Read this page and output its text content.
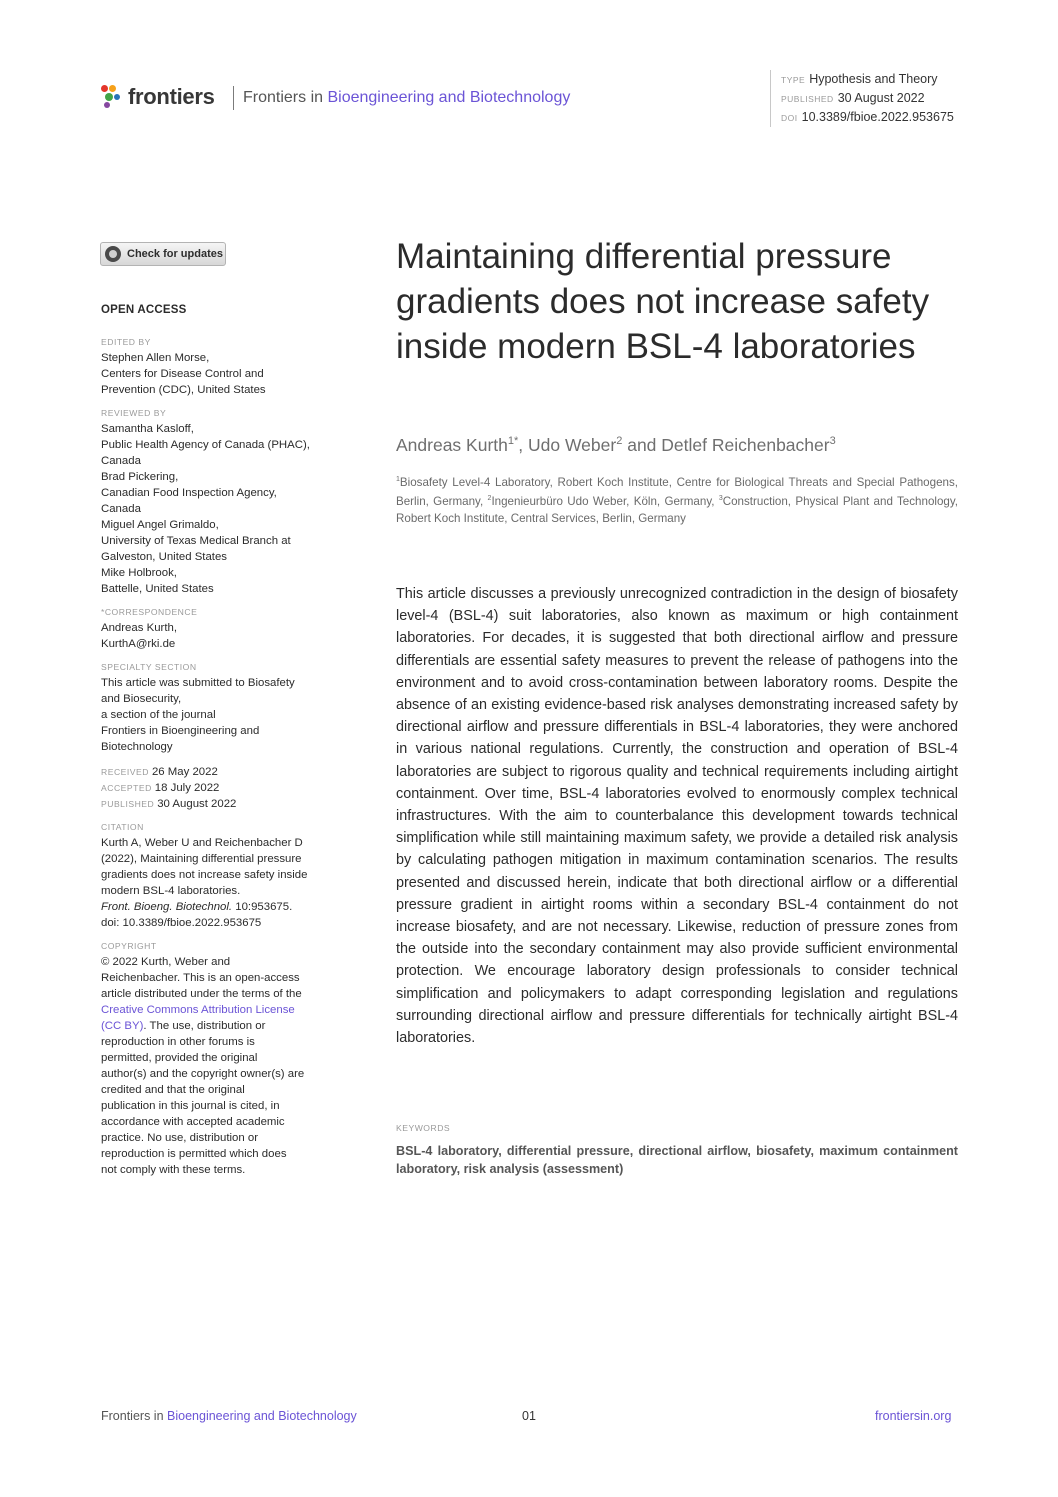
frontiers Frontiers in Bioengineering and Biotechnology
TYPE Hypothesis and Theory
PUBLISHED 30 August 2022
DOI 10.3389/fbioe.2022.953675
Check for updates
OPEN ACCESS
EDITED BY
Stephen Allen Morse,
Centers for Disease Control and
Prevention (CDC), United States
REVIEWED BY
Samantha Kasloff,
Public Health Agency of Canada (PHAC),
Canada
Brad Pickering,
Canadian Food Inspection Agency,
Canada
Miguel Angel Grimaldo,
University of Texas Medical Branch at
Galveston, United States
Mike Holbrook,
Battelle, United States
*CORRESPONDENCE
Andreas Kurth,
KurthA@rki.de
SPECIALTY SECTION
This article was submitted to Biosafety
and Biosecurity,
a section of the journal
Frontiers in Bioengineering and
Biotechnology
RECEIVED 26 May 2022
ACCEPTED 18 July 2022
PUBLISHED 30 August 2022
CITATION
Kurth A, Weber U and Reichenbacher D
(2022), Maintaining differential pressure
gradients does not increase safety inside
modern BSL-4 laboratories.
Front. Bioeng. Biotechnol. 10:953675.
doi: 10.3389/fbioe.2022.953675
COPYRIGHT
© 2022 Kurth, Weber and
Reichenbacher. This is an open-access
article distributed under the terms of the
Creative Commons Attribution License
(CC BY). The use, distribution or
reproduction in other forums is
permitted, provided the original
author(s) and the copyright owner(s) are
credited and that the original
publication in this journal is cited, in
accordance with accepted academic
practice. No use, distribution or
reproduction is permitted which does
not comply with these terms.
Maintaining differential pressure gradients does not increase safety inside modern BSL-4 laboratories
Andreas Kurth$^{1*}$, Udo Weber$^2$ and Detlef Reichenbacher$^3$
$^1$Biosafety Level-4 Laboratory, Robert Koch Institute, Centre for Biological Threats and Special Pathogens, Berlin, Germany, $^2$Ingenieurbüro Udo Weber, Köln, Germany, $^3$Construction, Physical Plant and Technology, Robert Koch Institute, Central Services, Berlin, Germany
This article discusses a previously unrecognized contradiction in the design of biosafety level-4 (BSL-4) suit laboratories, also known as maximum or high containment laboratories. For decades, it is suggested that both directional airflow and pressure differentials are essential safety measures to prevent the release of pathogens into the environment and to avoid cross-contamination between laboratory rooms. Despite the absence of an existing evidence-based risk analyses demonstrating increased safety by directional airflow and pressure differentials in BSL-4 laboratories, they were anchored in various national regulations. Currently, the construction and operation of BSL-4 laboratories are subject to rigorous quality and technical requirements including airtight containment. Over time, BSL-4 laboratories evolved to enormously complex technical infrastructures. With the aim to counterbalance this development towards technical simplification while still maintaining maximum safety, we provide a detailed risk analysis by calculating pathogen mitigation in maximum contamination scenarios. The results presented and discussed herein, indicate that both directional airflow or a differential pressure gradient in airtight rooms within a secondary BSL-4 containment do not increase biosafety, and are not necessary. Likewise, reduction of pressure zones from the outside into the secondary containment may also provide sufficient environmental protection. We encourage laboratory design professionals to consider technical simplification and policymakers to adapt corresponding legislation and regulations surrounding directional airflow and pressure differentials for technically airtight BSL-4 laboratories.
KEYWORDS
BSL-4 laboratory, differential pressure, directional airflow, biosafety, maximum containment laboratory, risk analysis (assessment)
Frontiers in Bioengineering and Biotechnology	01	frontiersin.org
